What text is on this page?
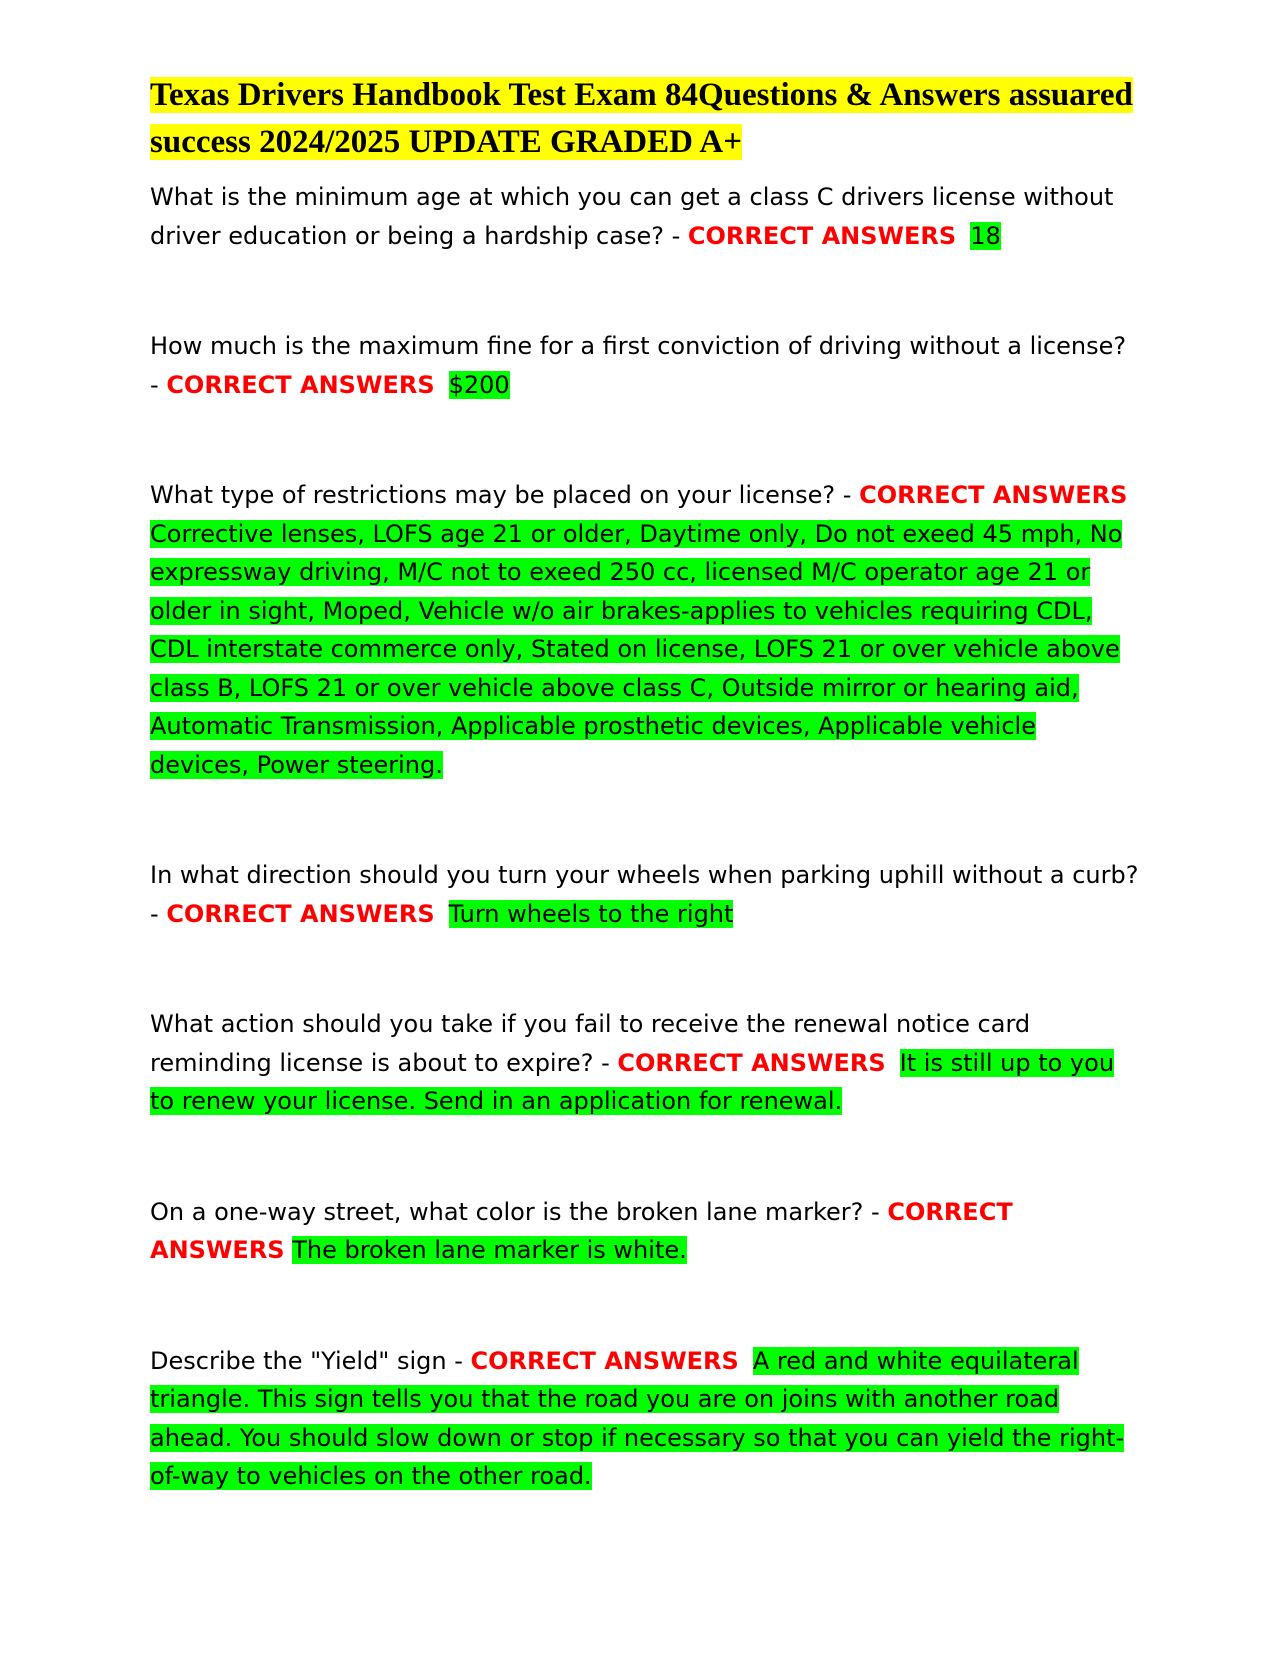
Texas Drivers Handbook Test Exam 84Questions & Answers assuared success 2024/2025 UPDATE GRADED A+

What is the minimum age at which you can get a class C drivers license without driver education or being a hardship case? - CORRECT ANSWERS 18

How much is the maximum fine for a first conviction of driving without a license? - CORRECT ANSWERS $200

What type of restrictions may be placed on your license? - CORRECT ANSWERS Corrective lenses, LOFS age 21 or older, Daytime only, Do not exeed 45 mph, No expressway driving, M/C not to exeed 250 cc, licensed M/C operator age 21 or older in sight, Moped, Vehicle w/o air brakes-applies to vehicles requiring CDL, CDL interstate commerce only, Stated on license, LOFS 21 or over vehicle above class B, LOFS 21 or over vehicle above class C, Outside mirror or hearing aid, Automatic Transmission, Applicable prosthetic devices, Applicable vehicle devices, Power steering.

In what direction should you turn your wheels when parking uphill without a curb? - CORRECT ANSWERS Turn wheels to the right

What action should you take if you fail to receive the renewal notice card reminding license is about to expire? - CORRECT ANSWERS It is still up to you to renew your license. Send in an application for renewal.

On a one-way street, what color is the broken lane marker? - CORRECT ANSWERS The broken lane marker is white.

Describe the "Yield" sign - CORRECT ANSWERS A red and white equilateral triangle. This sign tells you that the road you are on joins with another road ahead. You should slow down or stop if necessary so that you can yield the right-of-way to vehicles on the other road.
